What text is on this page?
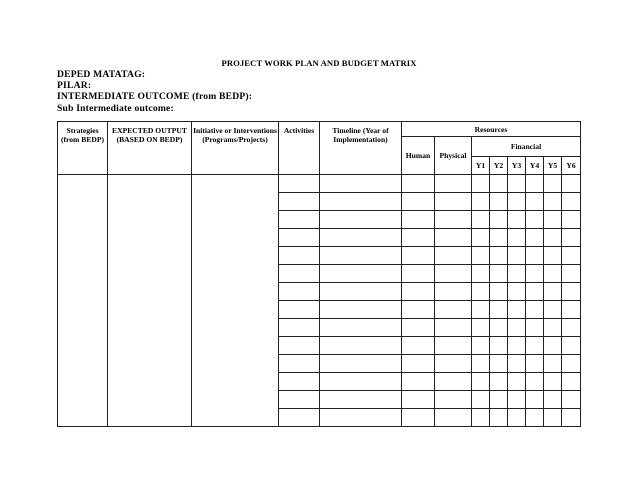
PROJECT WORK PLAN AND BUDGET MATRIX
DEPED MATATAG:
PILAR:
INTERMEDIATE OUTCOME (from BEDP):
Sub Intermediate outcome:
Strategies (from BEDP)	EXPECTED OUTPUT (BASED ON BEDP)	Initiative or Interventions (Programs/Projects)	Activities	Timeline (Year of Implementation)	Resources							
					Human	Physical	Financial					
							Y1	Y2	Y3	Y4	Y5	Y6
